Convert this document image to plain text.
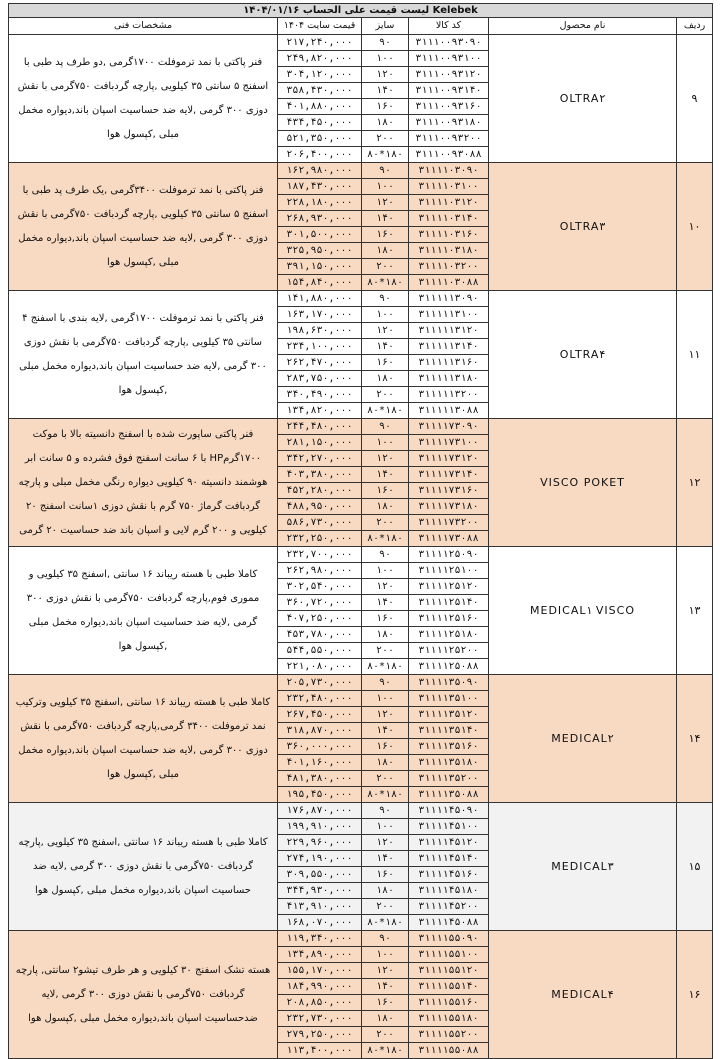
لیست قیمت علی الحساب ۱۴۰۴/۰۱/۱۶ Kelebek					
مشخصات فنی	قیمت سایت ۱۴۰۴	سایز	کد کالا	نام محصول	ردیف
فنر پاکتی با نمد ترموفلت ۱۷۰۰گرمی ,دو طرف پد طبی با اسفنج ۵ سانتی ۳۵ کیلویی ,پارچه گردبافت ۷۵۰گرمی با نقش دوزی ۳۰۰ گرمی ,لایه ضد حساسیت اسپان باند,دیواره مخمل مبلی ,کپسول هوا	۲۱۷,۲۴۰,۰۰۰	۹۰	۳۱۱۱۰۰۹۳۰۹۰	OLTRA۲	۹
	۲۴۹,۸۲۰,۰۰۰	۱۰۰	۳۱۱۱۰۰۹۳۱۰۰		
	۳۰۴,۱۲۰,۰۰۰	۱۲۰	۳۱۱۱۰۰۹۳۱۲۰		
	۳۵۸,۴۳۰,۰۰۰	۱۴۰	۳۱۱۱۰۰۹۳۱۴۰		
	۴۰۱,۸۸۰,۰۰۰	۱۶۰	۳۱۱۱۰۰۹۳۱۶۰		
	۴۳۴,۴۵۰,۰۰۰	۱۸۰	۳۱۱۱۰۰۹۳۱۸۰		
	۵۲۱,۳۵۰,۰۰۰	۲۰۰	۳۱۱۱۰۰۹۳۲۰۰		
	۲۰۶,۴۰۰,۰۰۰	۸۰*۱۸۰	۳۱۱۱۰۰۹۳۰۸۸		
فنر پاکتی با نمد ترموفلت ۳۴۰۰گرمی ,یک طرف پد طبی با اسفنج ۵ سانتی ۳۵ کیلویی ,پارچه گردبافت ۷۵۰گرمی با نقش دوزی ۳۰۰ گرمی ,لایه ضد حساسیت اسپان باند,دیواره مخمل مبلی ,کپسول هوا	۱۶۲,۹۸۰,۰۰۰	۹۰	۳۱۱۱۱۰۳۰۹۰	OLTRA۳	۱۰
	۱۸۷,۴۳۰,۰۰۰	۱۰۰	۳۱۱۱۱۰۳۱۰۰		
	۲۲۸,۱۸۰,۰۰۰	۱۲۰	۳۱۱۱۱۰۳۱۲۰		
	۲۶۸,۹۳۰,۰۰۰	۱۴۰	۳۱۱۱۱۰۳۱۴۰		
	۳۰۱,۵۰۰,۰۰۰	۱۶۰	۳۱۱۱۱۰۳۱۶۰		
	۳۲۵,۹۵۰,۰۰۰	۱۸۰	۳۱۱۱۱۰۳۱۸۰		
	۳۹۱,۱۵۰,۰۰۰	۲۰۰	۳۱۱۱۱۰۳۲۰۰		
	۱۵۴,۸۴۰,۰۰۰	۸۰*۱۸۰	۳۱۱۱۱۰۳۰۸۸		
فنر پاکتی با نمد ترموفلت ۱۷۰۰گرمی ,لایه بندی با اسفنج ۴ سانتی ۳۵ کیلویی ,پارچه گردبافت ۷۵۰گرمی با نقش دوزی ۳۰۰ گرمی ,لایه ضد حساسیت اسپان باند,دیواره مخمل مبلی ,کپسول هوا	۱۴۱,۸۸۰,۰۰۰	۹۰	۳۱۱۱۱۱۳۰۹۰	OLTRA۴	۱۱
	۱۶۳,۱۷۰,۰۰۰	۱۰۰	۳۱۱۱۱۱۳۱۰۰		
	۱۹۸,۶۳۰,۰۰۰	۱۲۰	۳۱۱۱۱۱۳۱۲۰		
	۲۳۴,۱۰۰,۰۰۰	۱۴۰	۳۱۱۱۱۱۳۱۴۰		
	۲۶۲,۴۷۰,۰۰۰	۱۶۰	۳۱۱۱۱۱۳۱۶۰		
	۲۸۳,۷۵۰,۰۰۰	۱۸۰	۳۱۱۱۱۱۳۱۸۰		
	۳۴۰,۴۹۰,۰۰۰	۲۰۰	۳۱۱۱۱۱۳۲۰۰		
	۱۳۴,۸۲۰,۰۰۰	۸۰*۱۸۰	۳۱۱۱۱۱۳۰۸۸		
فنر پاکتی ساپورت شده با اسفنج دانسیته بالا با موکت ۱۷۰۰گرمHP با ۶ سانت اسفنج فوق فشرده و ۵ سانت ابر هوشمند دانسیته ۹۰ کیلویی دیواره رنگی مخمل مبلی و پارچه گردبافت گرماژ ۷۵۰ گرم با نقش دوزی ۱سانت اسفنج ۲۰ کیلویی و ۲۰۰ گرم لایی و اسپان باند ضد حساسیت ۲۰ گرمی	۲۴۴,۴۸۰,۰۰۰	۹۰	۳۱۱۱۱۷۳۰۹۰	VISCO POKET	۱۲
	۲۸۱,۱۵۰,۰۰۰	۱۰۰	۳۱۱۱۱۷۳۱۰۰		
	۳۴۲,۲۷۰,۰۰۰	۱۲۰	۳۱۱۱۱۷۳۱۲۰		
	۴۰۳,۳۸۰,۰۰۰	۱۴۰	۳۱۱۱۱۷۳۱۴۰		
	۴۵۲,۲۸۰,۰۰۰	۱۶۰	۳۱۱۱۱۷۳۱۶۰		
	۴۸۸,۹۵۰,۰۰۰	۱۸۰	۳۱۱۱۱۷۳۱۸۰		
	۵۸۶,۷۳۰,۰۰۰	۲۰۰	۳۱۱۱۱۷۳۲۰۰		
	۲۳۲,۲۵۰,۰۰۰	۸۰*۱۸۰	۳۱۱۱۱۷۳۰۸۸		
کاملا طبی با هسته ریباند ۱۶ سانتی ,اسفنج ۳۵ کیلویی و مموری فوم,پارچه گردبافت ۷۵۰گرمی با نقش دوزی ۳۰۰ گرمی ,لایه ضد حساسیت اسپان باند,دیواره مخمل مبلی ,کپسول هوا	۲۳۲,۷۰۰,۰۰۰	۹۰	۳۱۱۱۱۲۵۰۹۰	MEDICAL۱ VISCO	۱۳
	۲۶۲,۹۸۰,۰۰۰	۱۰۰	۳۱۱۱۱۲۵۱۰۰		
	۳۰۲,۵۴۰,۰۰۰	۱۲۰	۳۱۱۱۱۲۵۱۲۰		
	۳۶۰,۷۲۰,۰۰۰	۱۴۰	۳۱۱۱۱۲۵۱۴۰		
	۴۰۷,۲۵۰,۰۰۰	۱۶۰	۳۱۱۱۱۲۵۱۶۰		
	۴۵۳,۷۸۰,۰۰۰	۱۸۰	۳۱۱۱۱۲۵۱۸۰		
	۵۴۴,۵۵۰,۰۰۰	۲۰۰	۳۱۱۱۱۲۵۲۰۰		
	۲۲۱,۰۸۰,۰۰۰	۸۰*۱۸۰	۳۱۱۱۱۲۵۰۸۸		
کاملا طبی با هسته ریباند ۱۶ سانتی ,اسفنج ۳۵ کیلویی وترکیب نمد ترموفلت ۳۴۰۰ گرمی,پارچه گردبافت ۷۵۰گرمی با نقش دوزی ۳۰۰ گرمی ,لایه ضد حساسیت اسپان باند,دیواره مخمل مبلی ,کپسول هوا	۲۰۵,۷۳۰,۰۰۰	۹۰	۳۱۱۱۱۳۵۰۹۰	MEDICAL۲	۱۴
	۲۳۲,۴۸۰,۰۰۰	۱۰۰	۳۱۱۱۱۳۵۱۰۰		
	۲۶۷,۴۵۰,۰۰۰	۱۲۰	۳۱۱۱۱۳۵۱۲۰		
	۳۱۸,۸۷۰,۰۰۰	۱۴۰	۳۱۱۱۱۳۵۱۴۰		
	۳۶۰,۰۰۰,۰۰۰	۱۶۰	۳۱۱۱۱۳۵۱۶۰		
	۴۰۱,۱۶۰,۰۰۰	۱۸۰	۳۱۱۱۱۳۵۱۸۰		
	۴۸۱,۳۸۰,۰۰۰	۲۰۰	۳۱۱۱۱۳۵۲۰۰		
	۱۹۵,۴۵۰,۰۰۰	۸۰*۱۸۰	۳۱۱۱۱۳۵۰۸۸		
کاملا طبی با هسته ریباند ۱۶ سانتی ,اسفنج ۳۵ کیلویی ,پارچه گردبافت ۷۵۰گرمی با نقش دوزی ۳۰۰ گرمی ,لایه ضد حساسیت اسپان باند,دیواره مخمل مبلی ,کپسول هوا	۱۷۶,۸۷۰,۰۰۰	۹۰	۳۱۱۱۱۴۵۰۹۰	MEDICAL۳	۱۵
	۱۹۹,۹۱۰,۰۰۰	۱۰۰	۳۱۱۱۱۴۵۱۰۰		
	۲۲۹,۹۶۰,۰۰۰	۱۲۰	۳۱۱۱۱۴۵۱۲۰		
	۲۷۴,۱۹۰,۰۰۰	۱۴۰	۳۱۱۱۱۴۵۱۴۰		
	۳۰۹,۵۵۰,۰۰۰	۱۶۰	۳۱۱۱۱۴۵۱۶۰		
	۳۴۴,۹۳۰,۰۰۰	۱۸۰	۳۱۱۱۱۴۵۱۸۰		
	۴۱۳,۹۱۰,۰۰۰	۲۰۰	۳۱۱۱۱۴۵۲۰۰		
	۱۶۸,۰۷۰,۰۰۰	۸۰*۱۸۰	۳۱۱۱۱۴۵۰۸۸		
هسته تشک اسفنج ۳۰ کیلویی و هر طرف تیشو۲ سانتی, پارچه گردبافت ۷۵۰گرمی با نقش دوزی ۳۰۰ گرمی ,لایه ضدحساسیت اسپان باند,دیواره مخمل مبلی ,کپسول هوا	۱۱۹,۳۴۰,۰۰۰	۹۰	۳۱۱۱۱۵۵۰۹۰	MEDICAL۴	۱۶
	۱۳۴,۸۹۰,۰۰۰	۱۰۰	۳۱۱۱۱۵۵۱۰۰		
	۱۵۵,۱۷۰,۰۰۰	۱۲۰	۳۱۱۱۱۵۵۱۲۰		
	۱۸۴,۹۹۰,۰۰۰	۱۴۰	۳۱۱۱۱۵۵۱۴۰		
	۲۰۸,۸۵۰,۰۰۰	۱۶۰	۳۱۱۱۱۵۵۱۶۰		
	۲۳۲,۷۳۰,۰۰۰	۱۸۰	۳۱۱۱۱۵۵۱۸۰		
	۲۷۹,۲۵۰,۰۰۰	۲۰۰	۳۱۱۱۱۵۵۲۰۰		
	۱۱۳,۴۰۰,۰۰۰	۸۰*۱۸۰	۳۱۱۱۱۵۵۰۸۸		
